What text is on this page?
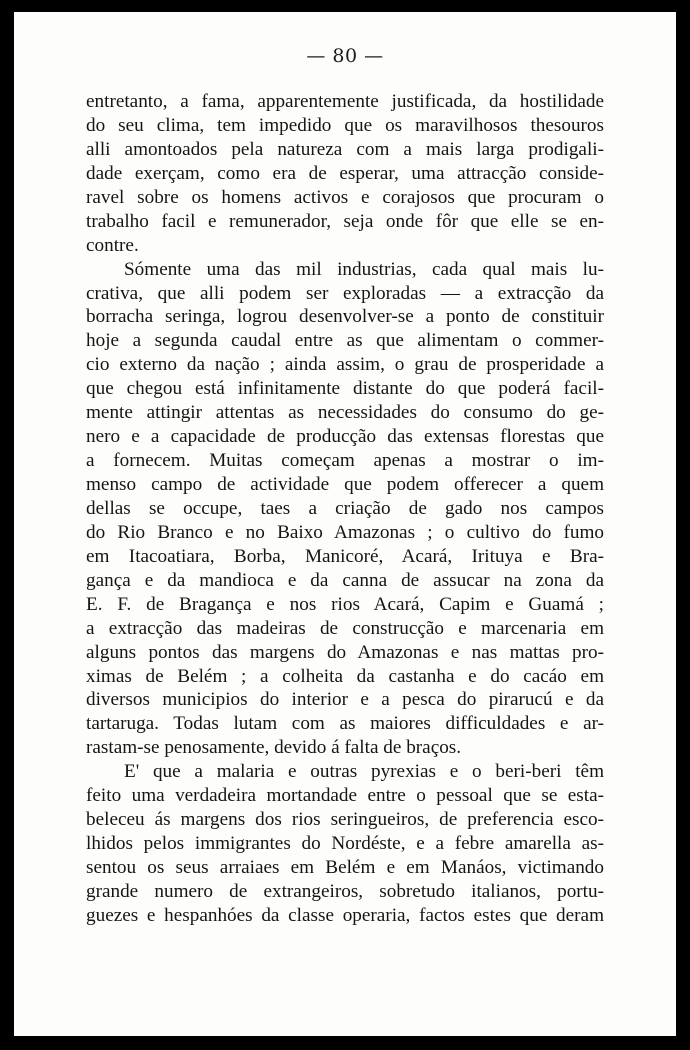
— 80 —
entretanto, a fama, apparentemente justificada, da hostilidade
do seu clima, tem impedido que os maravilhosos thesouros
alli amontoados pela natureza com a mais larga prodigali-
dade exerçam, como era de esperar, uma attracção conside-
ravel sobre os homens activos e corajosos que procuram o
trabalho facil e remunerador, seja onde fôr que elle se en-
contre.
Sómente uma das mil industrias, cada qual mais lu-
crativa, que alli podem ser exploradas — a extracção da
borracha seringa, logrou desenvolver-se a ponto de constituir
hoje a segunda caudal entre as que alimentam o commer-
cio externo da nação ; ainda assim, o grau de prosperidade a
que chegou está infinitamente distante do que poderá facil-
mente attingir attentas as necessidades do consumo do ge-
nero e a capacidade de producção das extensas florestas que
a fornecem. Muitas começam apenas a mostrar o im-
menso campo de actividade que podem offerecer a quem
dellas se occupe, taes a criação de gado nos campos
do Rio Branco e no Baixo Amazonas ; o cultivo do fumo
em Itacoatiara, Borba, Manicoré, Acará, Irituya e Bra-
gança e da mandioca e da canna de assucar na zona da
E. F. de Bragança e nos rios Acará, Capim e Guamá ;
a extracção das madeiras de construcção e marcenaria em
alguns pontos das margens do Amazonas e nas mattas pro-
ximas de Belém ; a colheita da castanha e do cacáo em
diversos municipios do interior e a pesca do pirarucú e da
tartaruga. Todas lutam com as maiores difficuldades e ar-
rastam-se penosamente, devido á falta de braços.
E' que a malaria e outras pyrexias e o beri-beri têm
feito uma verdadeira mortandade entre o pessoal que se esta-
beleceu ás margens dos rios seringueiros, de preferencia esco-
lhidos pelos immigrantes do Nordéste, e a febre amarella as-
sentou os seus arraiaes em Belém e em Manáos, victimando
grande numero de extrangeiros, sobretudo italianos, portu-
guezes e hespanhóes da classe operaria, factos estes que deram
